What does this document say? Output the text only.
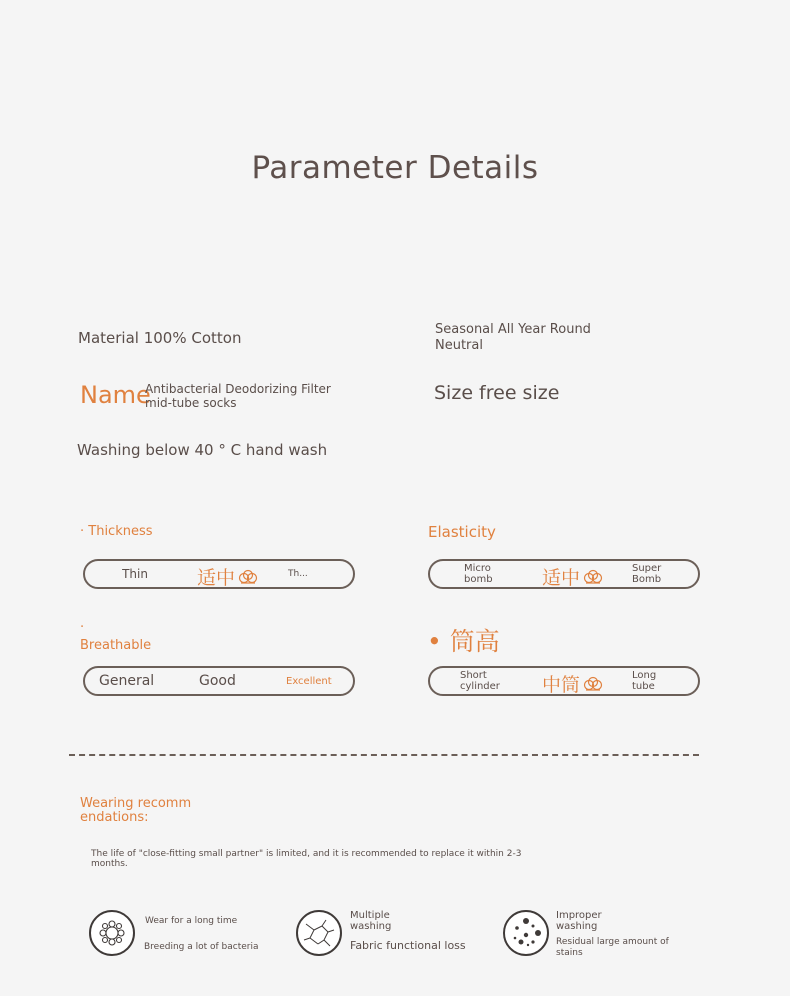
Parameter Details
Material 100% Cotton	Seasonal All Year Round
Neutral
Name
Antibacterial Deodorizing Filter
mid-tube socks	Size free size
Washing below 40 ° C hand wash
· Thickness
Thin	适中	Th...
Elasticity
Micro
bomb	适中	Super
Bomb
·
Breathable
General	Good	Excellent
• 筒高
Short
cylinder 中筒	Long
tube
Wearing recomm
endations:
The life of "close-fitting small partner" is limited, and it is recommended to replace it within 2-3
months.
Wear for a long time
Breeding a lot of bacteria
Multiple
washing
Fabric functional loss
Improper
washing
Residual large amount of
stains
